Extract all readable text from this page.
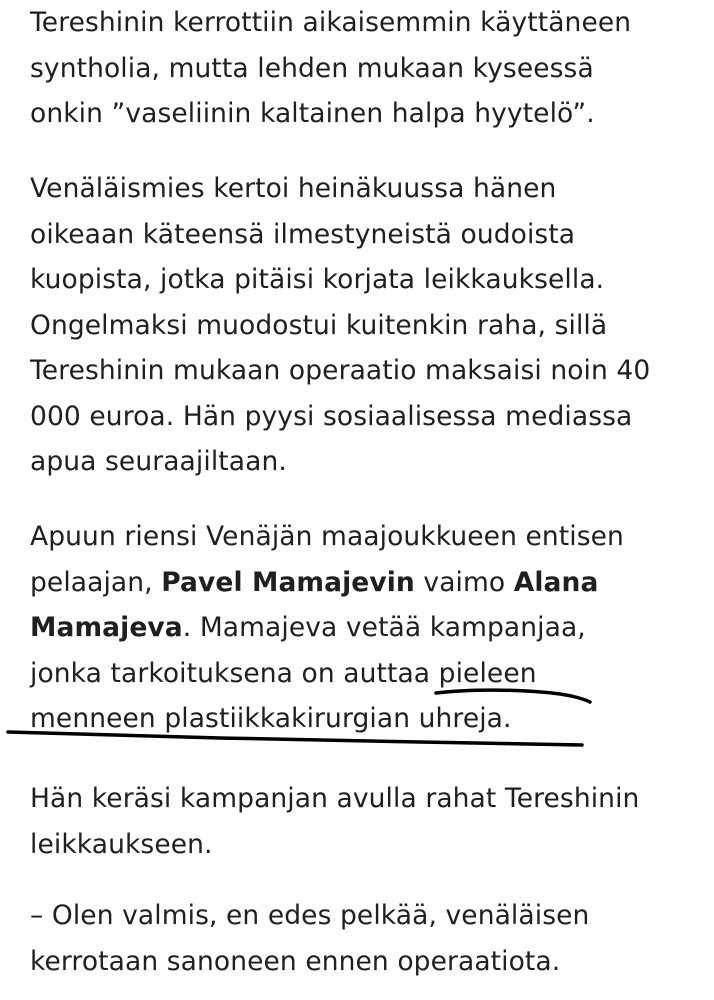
Tereshinin kerrottiin aikaisemmin käyttäneen
syntholia, mutta lehden mukaan kyseessä
onkin ”vaseliinin kaltainen halpa hyytelö”.

Venäläismies kertoi heinäkuussa hänen
oikeaan käteensä ilmestyneistä oudoista
kuopista, jotka pitäisi korjata leikkauksella.
Ongelmaksi muodostui kuitenkin raha, sillä
Tereshinin mukaan operaatio maksaisi noin 40
000 euroa. Hän pyysi sosiaalisessa mediassa
apua seuraajiltaan.

Apuun riensi Venäjän maajoukkueen entisen
pelaajan, Pavel Mamajevin vaimo Alana
Mamajeva. Mamajeva vetää kampanjaa,
jonka tarkoituksena on auttaa pieleen
menneen plastiikkakirurgian uhreja.

Hän keräsi kampanjan avulla rahat Tereshinin
leikkaukseen.

– Olen valmis, en edes pelkää, venäläisen
kerrotaan sanoneen ennen operaatiota.
